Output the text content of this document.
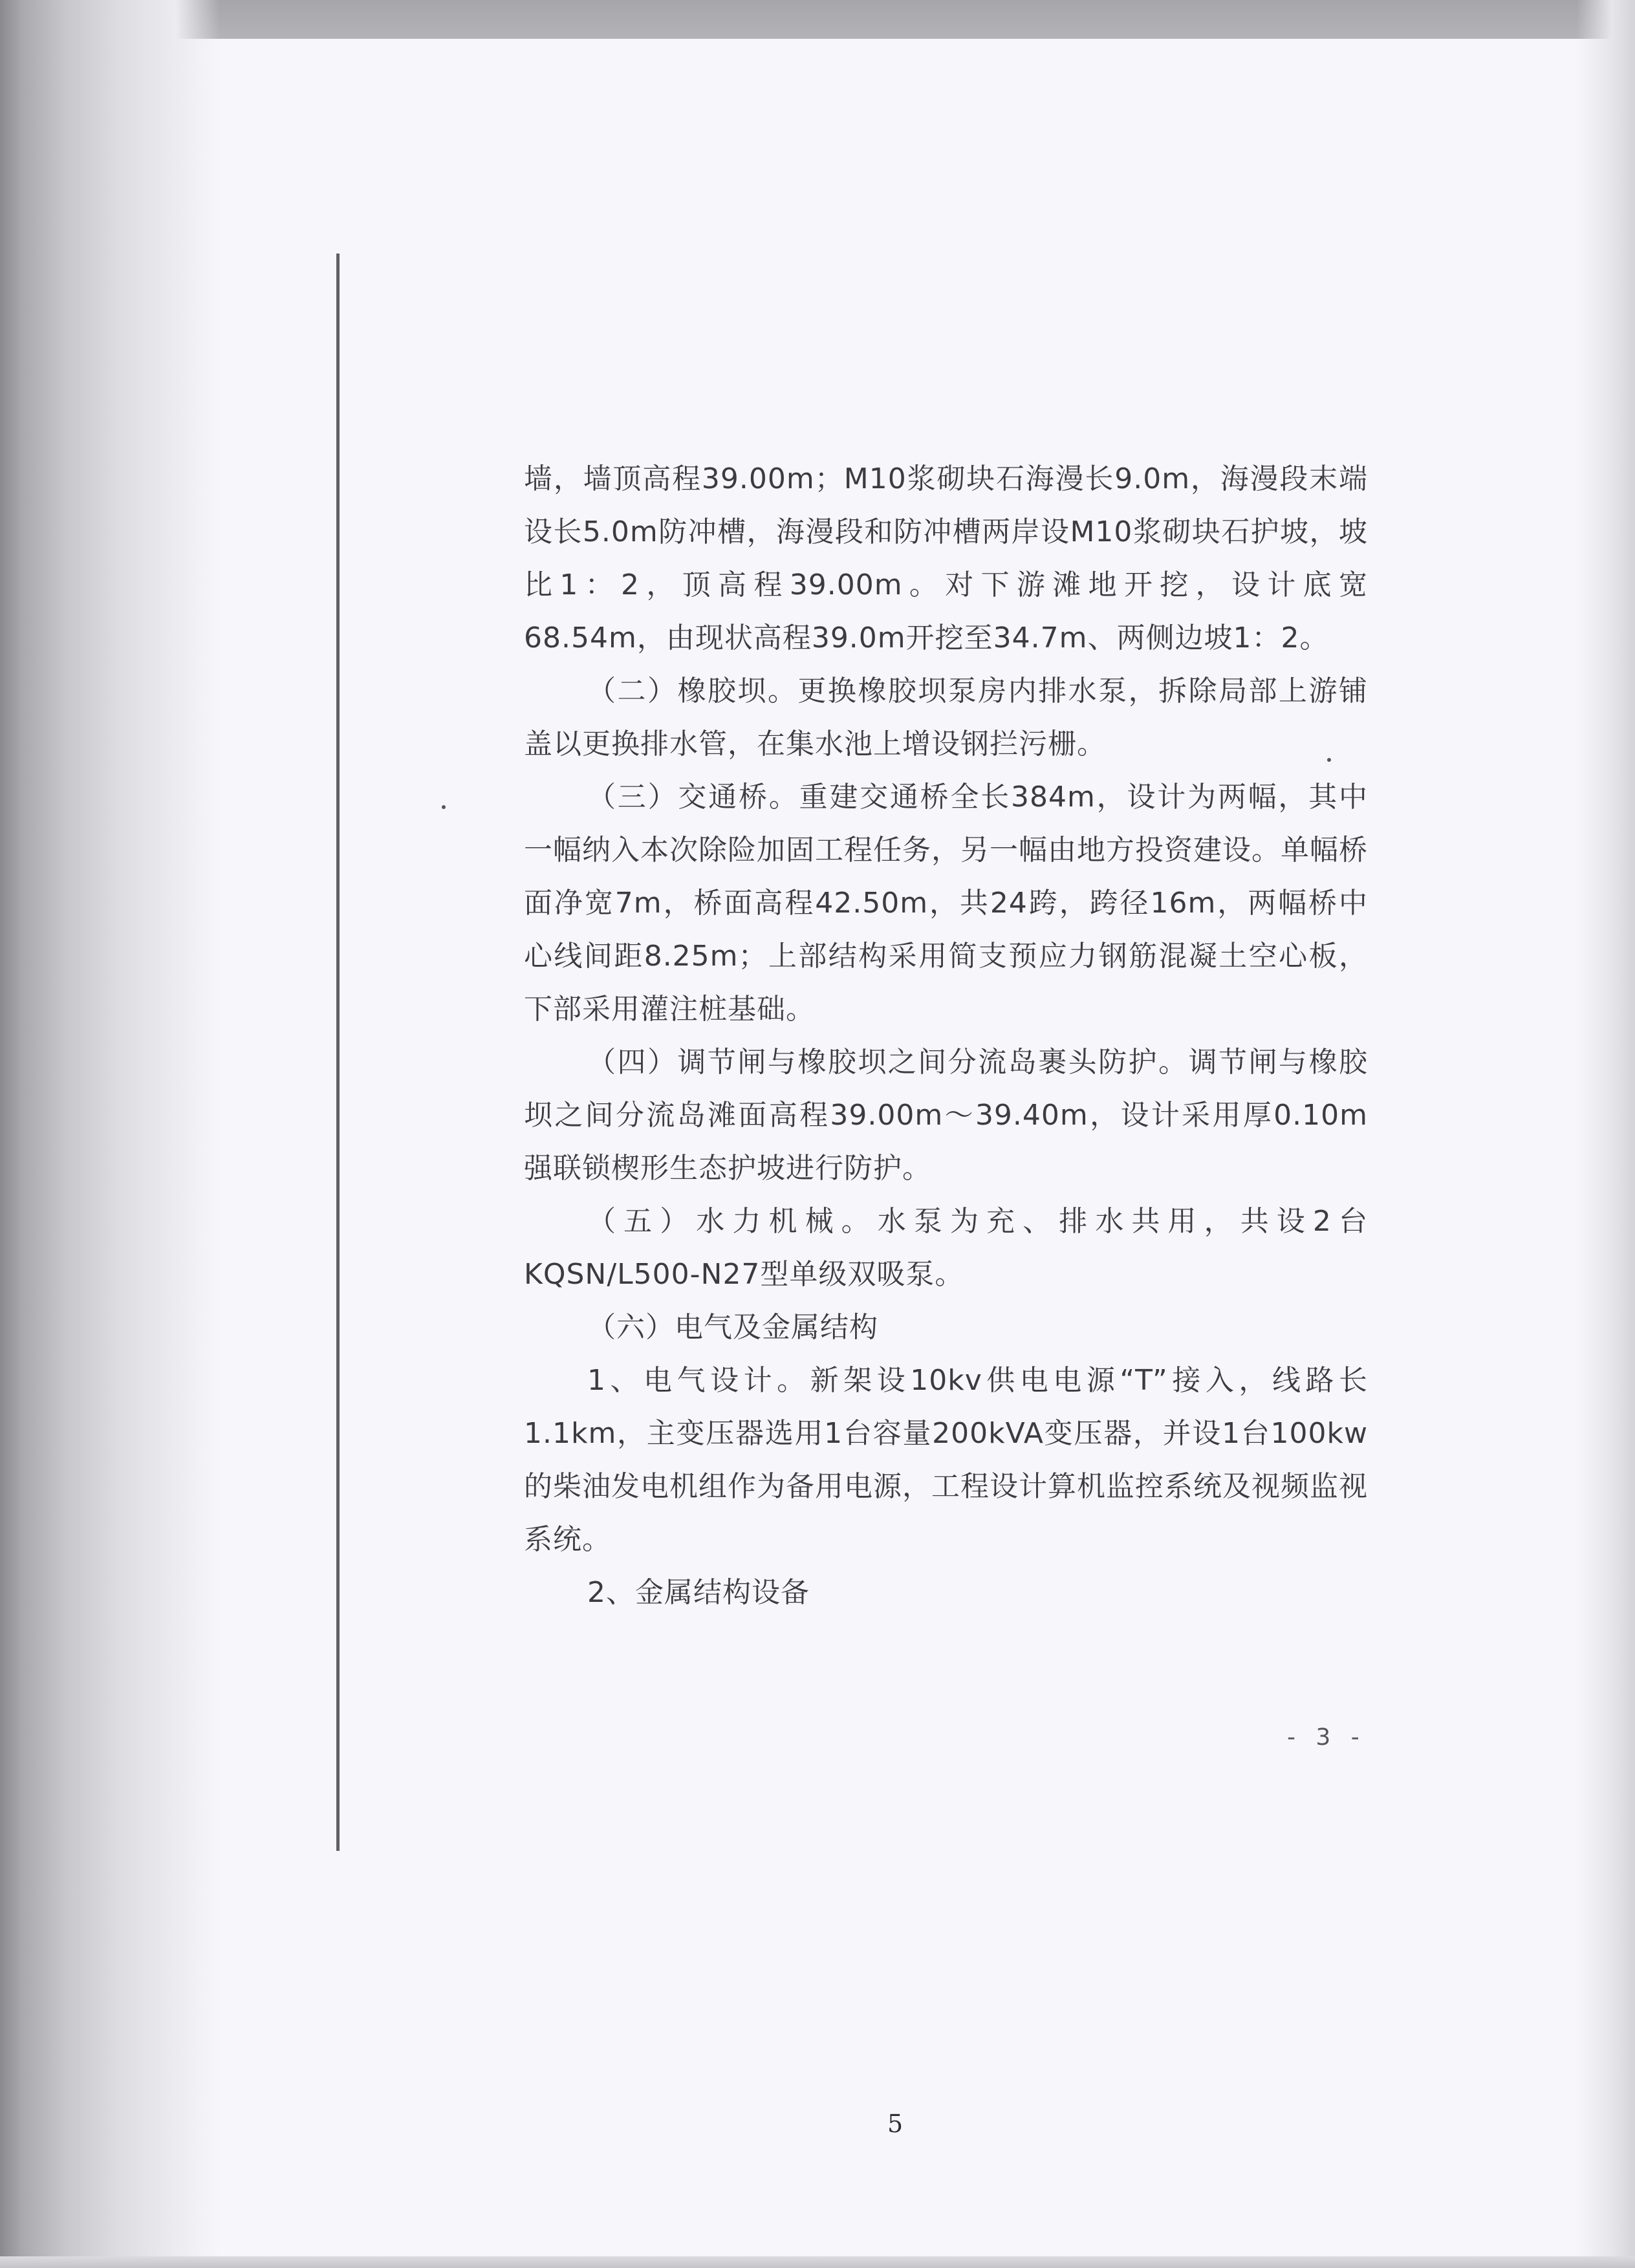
墙，墙顶高程39.00m；M10浆砌块石海漫长9.0m，海漫段末端设长5.0m防冲槽，海漫段和防冲槽两岸设M10浆砌块石护坡，坡比1：2，顶高程39.00m。对下游滩地开挖，设计底宽68.54m，由现状高程39.0m开挖至34.7m、两侧边坡1：2。

（二）橡胶坝。更换橡胶坝泵房内排水泵，拆除局部上游铺盖以更换排水管，在集水池上增设钢拦污栅。

（三）交通桥。重建交通桥全长384m，设计为两幅，其中一幅纳入本次除险加固工程任务，另一幅由地方投资建设。单幅桥面净宽7m，桥面高程42.50m，共24跨，跨径16m，两幅桥中心线间距8.25m；上部结构采用简支预应力钢筋混凝土空心板，下部采用灌注桩基础。

（四）调节闸与橡胶坝之间分流岛裹头防护。调节闸与橡胶坝之间分流岛滩面高程39.00m～39.40m，设计采用厚0.10m强联锁楔形生态护坡进行防护。

（五）水力机械。水泵为充、排水共用，共设2台KQSN/L500-N27型单级双吸泵。

（六）电气及金属结构

1、电气设计。新架设10kv供电电源“T”接入，线路长1.1km，主变压器选用1台容量200kVA变压器，并设1台100kw的柴油发电机组作为备用电源，工程设计算机监控系统及视频监视系统。

2、金属结构设备

- 3 -
5
